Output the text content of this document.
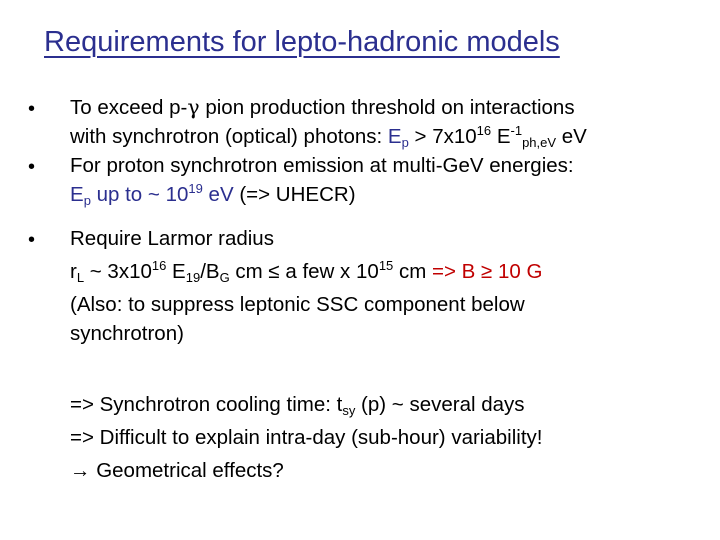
Requirements for lepto-hadronic models
• To exceed p-γ pion production threshold on interactions
with synchrotron (optical) photons: $E_p > 7x10^{16}$ $E^{-1}_{ph,eV}$ eV
• For proton synchrotron emission at multi-GeV energies:
$E_p$ up to ~ $10^{19}$ eV (=> UHECR)
• Require Larmor radius
$r_L$ ~ $3x10^{16}$ $E_{19}/B_G$ cm ≤ a few x $10^{15}$ cm => B ≥ 10 G
(Also: to suppress leptonic SSC component below
synchrotron)
=> Synchrotron cooling time: $t_{sy}$ (p) ~ several days
=> Difficult to explain intra-day (sub-hour) variability!
→ Geometrical effects?
